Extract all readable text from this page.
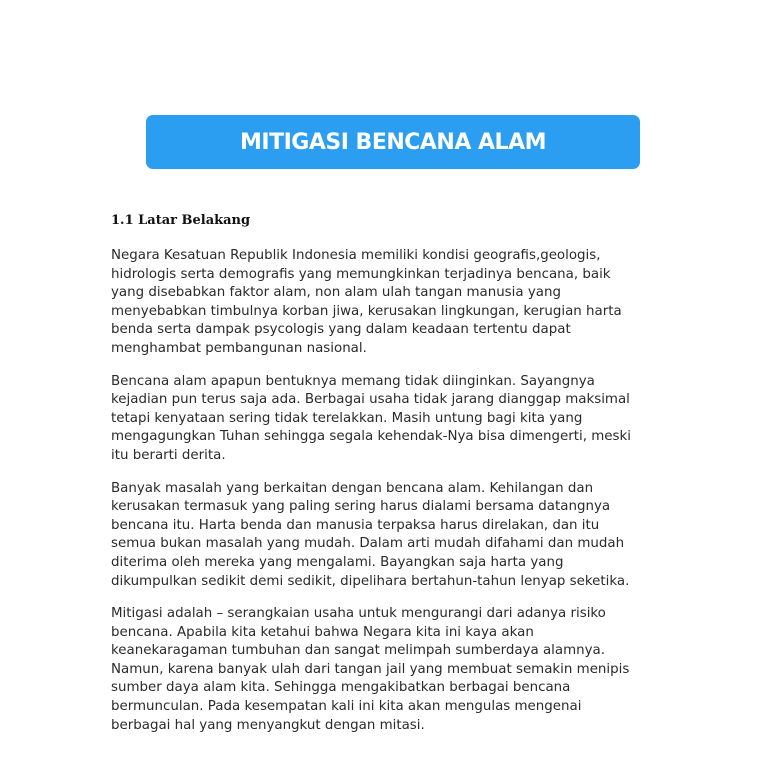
MITIGASI BENCANA ALAM
1.1 Latar Belakang
Negara Kesatuan Republik Indonesia memiliki kondisi geografis,geologis,
hidrologis serta demografis yang memungkinkan terjadinya bencana, baik
yang disebabkan faktor alam, non alam ulah tangan manusia yang
menyebabkan timbulnya korban jiwa, kerusakan lingkungan, kerugian harta
benda serta dampak psycologis yang dalam keadaan tertentu dapat
menghambat pembangunan nasional.
Bencana alam apapun bentuknya memang tidak diinginkan. Sayangnya
kejadian pun terus saja ada. Berbagai usaha tidak jarang dianggap maksimal
tetapi kenyataan sering tidak terelakkan. Masih untung bagi kita yang
mengagungkan Tuhan sehingga segala kehendak-Nya bisa dimengerti, meski
itu berarti derita.
Banyak masalah yang berkaitan dengan bencana alam. Kehilangan dan
kerusakan termasuk yang paling sering harus dialami bersama datangnya
bencana itu. Harta benda dan manusia terpaksa harus direlakan, dan itu
semua bukan masalah yang mudah. Dalam arti mudah difahami dan mudah
diterima oleh mereka yang mengalami. Bayangkan saja harta yang
dikumpulkan sedikit demi sedikit, dipelihara bertahun-tahun lenyap seketika.
Mitigasi adalah – serangkaian usaha untuk mengurangi dari adanya risiko
bencana. Apabila kita ketahui bahwa Negara kita ini kaya akan
keanekaragaman tumbuhan dan sangat melimpah sumberdaya alamnya.
Namun, karena banyak ulah dari tangan jail yang membuat semakin menipis
sumber daya alam kita. Sehingga mengakibatkan berbagai bencana
bermunculan. Pada kesempatan kali ini kita akan mengulas mengenai
berbagai hal yang menyangkut dengan mitasi.
